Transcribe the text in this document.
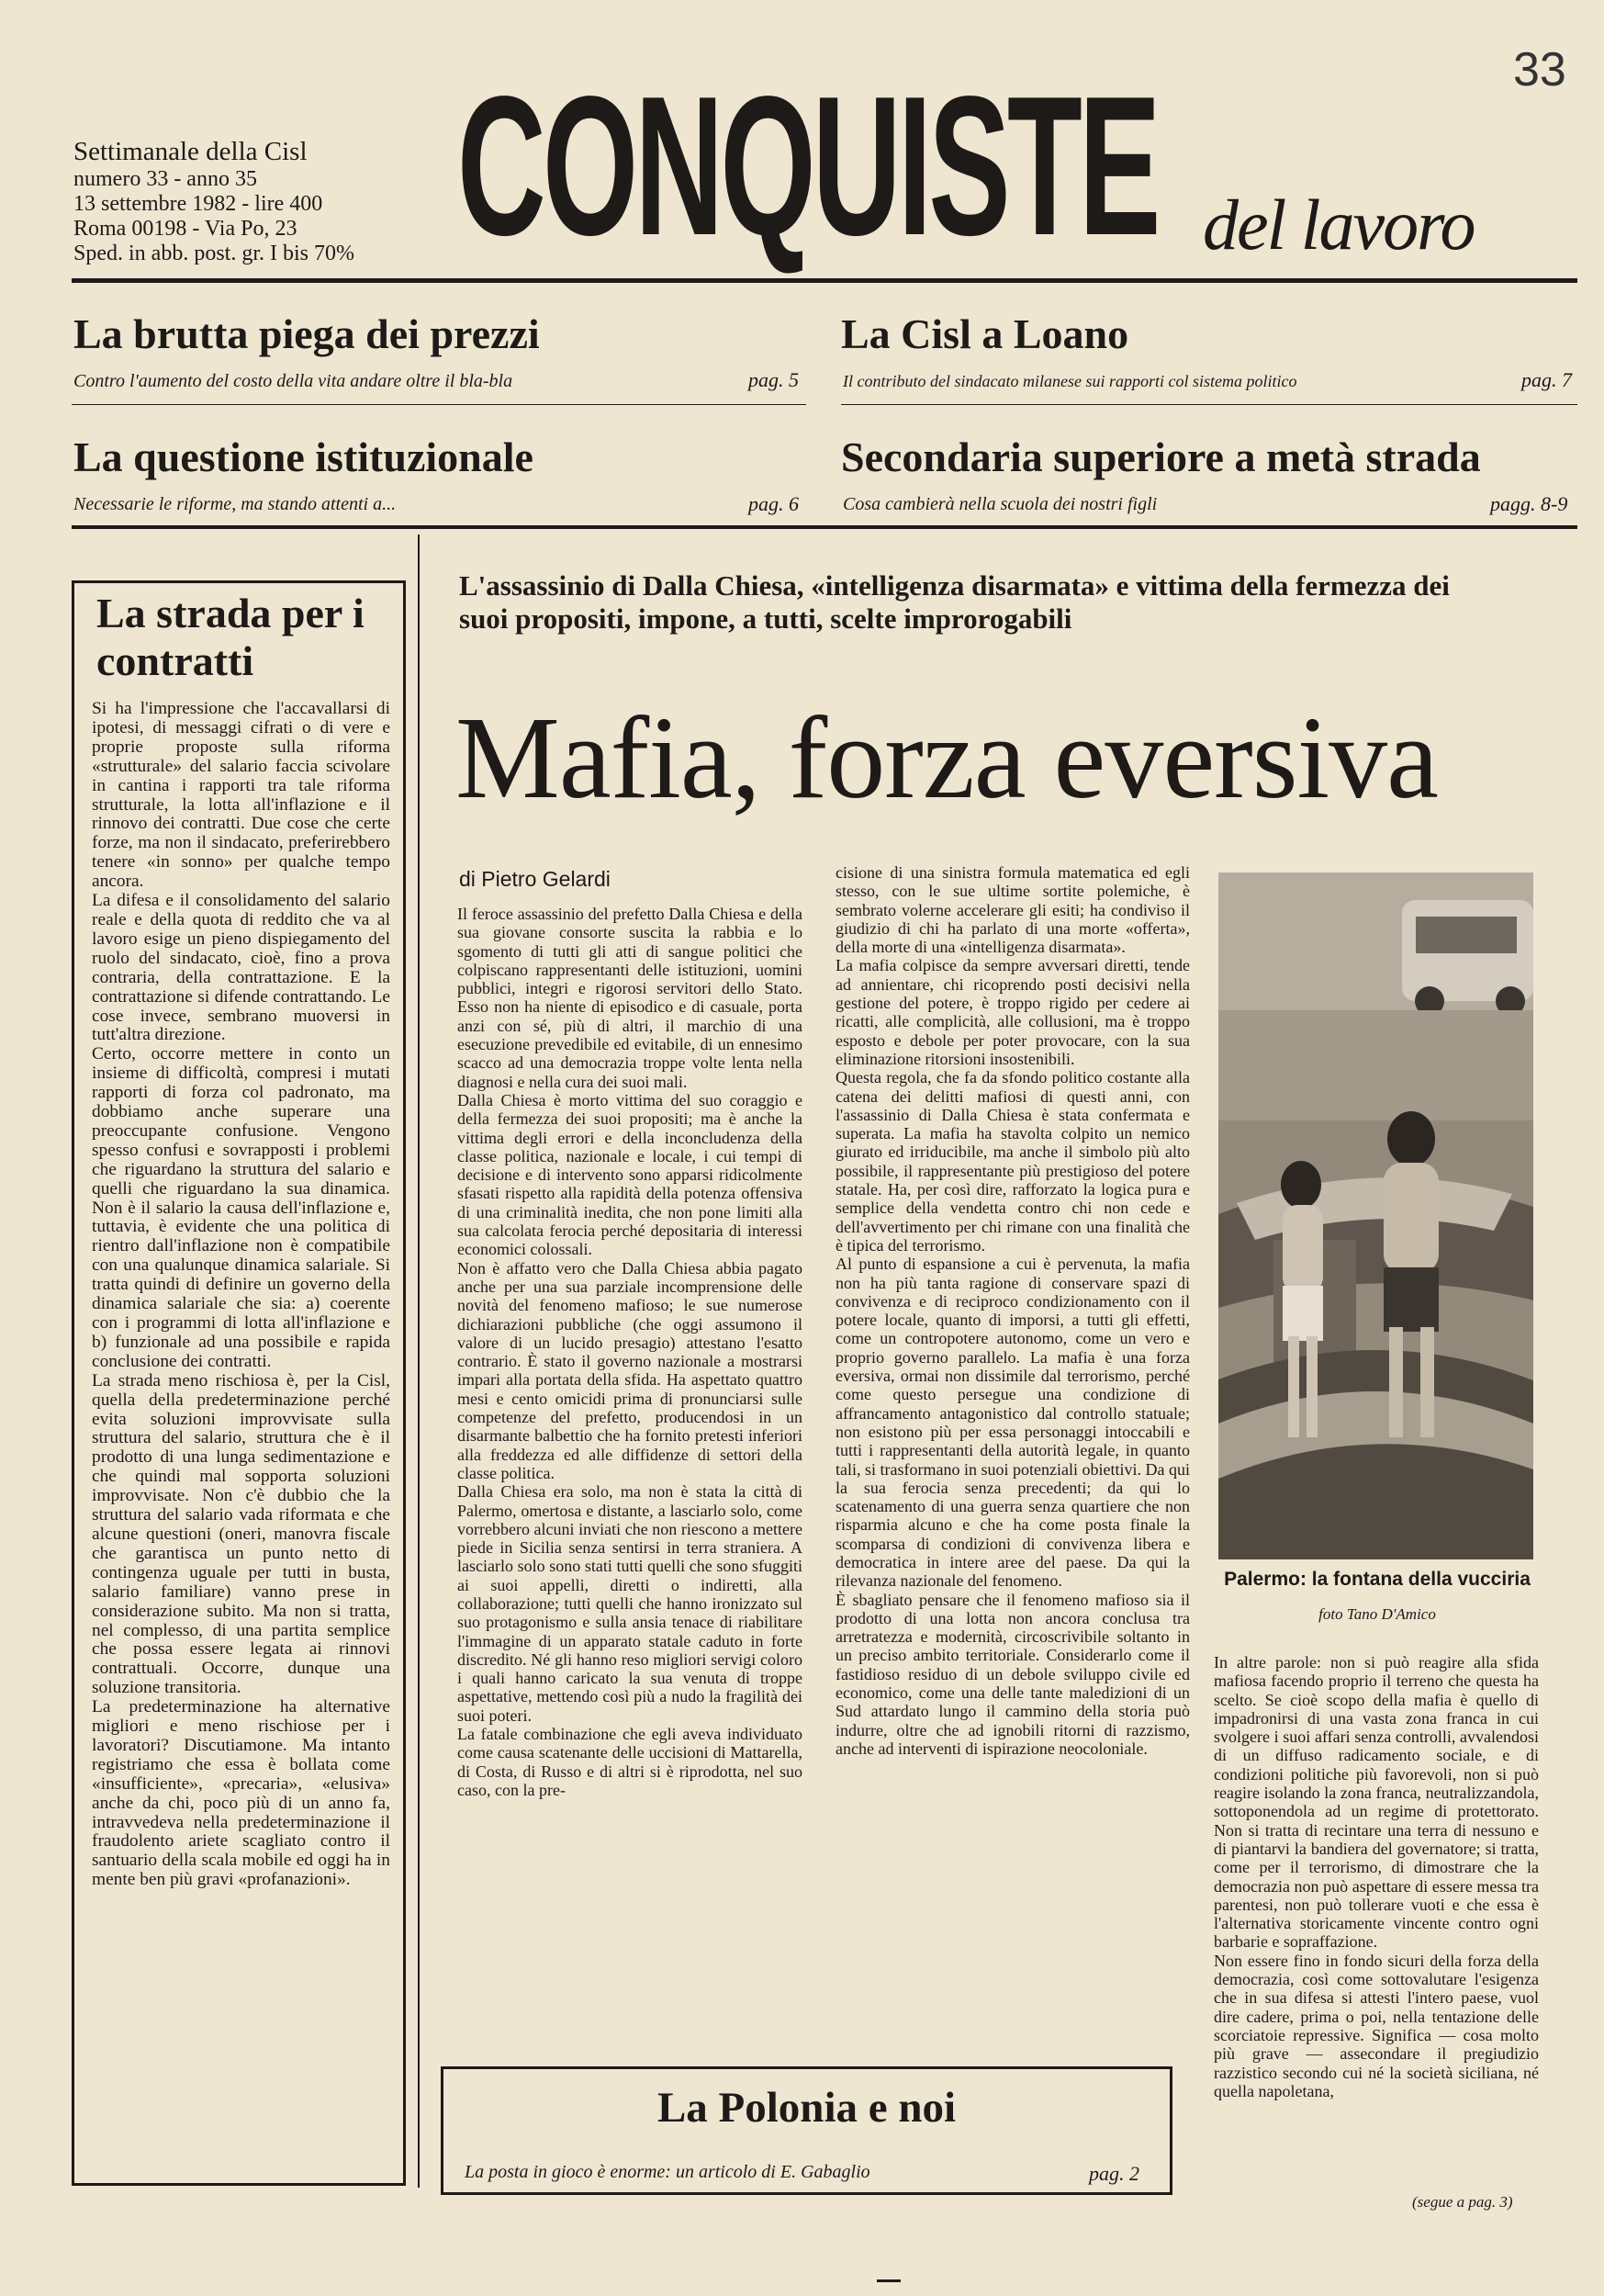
Settimanale della Cisl
numero 33 - anno 35
13 settembre 1982 - lire 400
Roma 00198 - Via Po, 23
Sped. in abb. post. gr. I bis 70% CONQUISTE del lavoro
33
La brutta piega dei prezzi
Contro l'aumento del costo della vita andare oltre il bla-bla	pag. 5
La Cisl a Loano
Il contributo del sindacato milanese sui rapporti col sistema politico	pag. 7
La questione istituzionale
Necessarie le riforme, ma stando attenti a...	pag. 6
Secondaria superiore a metà strada
Cosa cambierà nella scuola dei nostri figli	pagg. 8-9
La strada per i contratti

Si ha l'impressione che l'accavallarsi di ipotesi, di messaggi cifrati o di vere e proprie proposte sulla riforma «strutturale» del salario faccia scivolare in cantina i rapporti tra tale riforma strutturale, la lotta all'inflazione e il rinnovo dei contratti. Due cose che certe forze, ma non il sindacato, preferirebbero tenere «in sonno» per qualche tempo ancora.

La difesa e il consolidamento del salario reale e della quota di reddito che va al lavoro esige un pieno dispiegamento del ruolo del sindacato, cioè, fino a prova contraria, della contrattazione. E la contrattazione si difende contrattando. Le cose invece, sembrano muoversi in tutt'altra direzione.

Certo, occorre mettere in conto un insieme di difficoltà, compresi i mutati rapporti di forza col padronato, ma dobbiamo anche superare una preoccupante confusione. Vengono spesso confusi e sovrapposti i problemi che riguardano la struttura del salario e quelli che riguardano la sua dinamica. Non è il salario la causa dell'inflazione e, tuttavia, è evidente che una politica di rientro dall'inflazione non è compatibile con una qualunque dinamica salariale. Si tratta quindi di definire un governo della dinamica salariale che sia: a) coerente con i programmi di lotta all'inflazione e b) funzionale ad una possibile e rapida conclusione dei contratti.

La strada meno rischiosa è, per la Cisl, quella della predeterminazione perché evita soluzioni improvvisate sulla struttura del salario, struttura che è il prodotto di una lunga sedimentazione e che quindi mal sopporta soluzioni improvvisate. Non c'è dubbio che la struttura del salario vada riformata e che alcune questioni (oneri, manovra fiscale che garantisca un punto netto di contingenza uguale per tutti in busta, salario familiare) vanno prese in considerazione subito. Ma non si tratta, nel complesso, di una partita semplice che possa essere legata ai rinnovi contrattuali. Occorre, dunque una soluzione transitoria.

La predeterminazione ha alternative migliori e meno rischiose per i lavoratori? Discutiamone. Ma intanto registriamo che essa è bollata come «insufficiente», «precaria», «elusiva» anche da chi, poco più di un anno fa, intravvedeva nella predeterminazione il fraudolento ariete scagliato contro il santuario della scala mobile ed oggi ha in mente ben più gravi «profanazioni».

L'assassinio di Dalla Chiesa, «intelligenza disarmata» e vittima della fermezza dei suoi propositi, impone, a tutti, scelte improrogabili
Mafia, forza eversiva
di Pietro Gelardi

Il feroce assassinio del prefetto Dalla Chiesa e della sua giovane consorte suscita la rabbia e lo sgomento di tutti gli atti di sangue politici che colpiscano rappresentanti delle istituzioni, uomini pubblici, integri e rigorosi servitori dello Stato. Esso non ha niente di episodico e di casuale, porta anzi con sé, più di altri, il marchio di una esecuzione prevedibile ed evitabile, di un ennesimo scacco ad una democrazia troppe volte lenta nella diagnosi e nella cura dei suoi mali.

Dalla Chiesa è morto vittima del suo coraggio e della fermezza dei suoi propositi; ma è anche la vittima degli errori e della inconcludenza della classe politica, nazionale e locale, i cui tempi di decisione e di intervento sono apparsi ridicolmente sfasati rispetto alla rapidità della potenza offensiva di una criminalità inedita, che non pone limiti alla sua calcolata ferocia perché depositaria di interessi economici colossali.

Non è affatto vero che Dalla Chiesa abbia pagato anche per una sua parziale incomprensione delle novità del fenomeno mafioso; le sue numerose dichiarazioni pubbliche (che oggi assumono il valore di un lucido presagio) attestano l'esatto contrario. È stato il governo nazionale a mostrarsi impari alla portata della sfida. Ha aspettato quattro mesi e cento omicidi prima di pronunciarsi sulle competenze del prefetto, producendosi in un disarmante balbettio che ha fornito pretesti inferiori alla freddezza ed alle diffidenze di settori della classe politica.

Dalla Chiesa era solo, ma non è stata la città di Palermo, omertosa e distante, a lasciarlo solo, come vorrebbero alcuni inviati che non riescono a mettere piede in Sicilia senza sentirsi in terra straniera. A lasciarlo solo sono stati tutti quelli che sono sfuggiti ai suoi appelli, diretti o indiretti, alla collaborazione; tutti quelli che hanno ironizzato sul suo protagonismo e sulla ansia tenace di riabilitare l'immagine di un apparato statale caduto in forte discredito. Né gli hanno reso migliori servigi coloro i quali hanno caricato la sua venuta di troppe aspettative, mettendo così più a nudo la fragilità dei suoi poteri.

La fatale combinazione che egli aveva individuato come causa scatenante delle uccisioni di Mattarella, di Costa, di Russo e di altri si è riprodotta, nel suo caso, con la pre-

cisione di una sinistra formula matematica ed egli stesso, con le sue ultime sortite polemiche, è sembrato volerne accelerare gli esiti; ha condiviso il giudizio di chi ha parlato di una morte «offerta», della morte di una «intelligenza disarmata».

La mafia colpisce da sempre avversari diretti, tende ad annientare, chi ricoprendo posti decisivi nella gestione del potere, è troppo rigido per cedere ai ricatti, alle complicità, alle collusioni, ma è troppo esposto e debole per poter provocare, con la sua eliminazione ritorsioni insostenibili.

Questa regola, che fa da sfondo politico costante alla catena dei delitti mafiosi di questi anni, con l'assassinio di Dalla Chiesa è stata confermata e superata. La mafia ha stavolta colpito un nemico giurato ed irriducibile, ma anche il simbolo più alto possibile, il rappresentante più prestigioso del potere statale. Ha, per così dire, rafforzato la logica pura e semplice della vendetta contro chi non cede e dell'avvertimento per chi rimane con una finalità che è tipica del terrorismo.

Al punto di espansione a cui è pervenuta, la mafia non ha più tanta ragione di conservare spazi di convivenza e di reciproco condizionamento con il potere locale, quanto di imporsi, a tutti gli effetti, come un contropotere autonomo, come un vero e proprio governo parallelo. La mafia è una forza eversiva, ormai non dissimile dal terrorismo, perché come questo persegue una condizione di affrancamento antagonistico dal controllo statuale; non esistono più per essa personaggi intoccabili e tutti i rappresentanti della autorità legale, in quanto tali, si trasformano in suoi potenziali obiettivi. Da qui la sua ferocia senza precedenti; da qui lo scatenamento di una guerra senza quartiere che non risparmia alcuno e che ha come posta finale la scomparsa di condizioni di convivenza libera e democratica in intere aree del paese. Da qui la rilevanza nazionale del fenomeno.

È sbagliato pensare che il fenomeno mafioso sia il prodotto di una lotta non ancora conclusa tra arretratezza e modernità, circoscrivibile soltanto in un preciso ambito territoriale. Considerarlo come il fastidioso residuo di un debole sviluppo civile ed economico, come una delle tante maledizioni di un Sud attardato lungo il cammino della storia può indurre, oltre che ad ignobili ritorni di razzismo, anche ad interventi di ispirazione neocoloniale.

Palermo: la fontana della vucciria
foto Tano D'Amico

In altre parole: non si può reagire alla sfida mafiosa facendo proprio il terreno che questa ha scelto. Se cioè scopo della mafia è quello di impadronirsi di una vasta zona franca in cui svolgere i suoi affari senza controlli, avvalendosi di un diffuso radicamento sociale, e di condizioni politiche più favorevoli, non si può reagire isolando la zona franca, neutralizzandola, sottoponendola ad un regime di protettorato. Non si tratta di recintare una terra di nessuno e di piantarvi la bandiera del governatore; si tratta, come per il terrorismo, di dimostrare che la democrazia non può aspettare di essere messa tra parentesi, non può tollerare vuoti e che essa è l'alternativa storicamente vincente contro ogni barbarie e sopraffazione.

Non essere fino in fondo sicuri della forza della democrazia, così come sottovalutare l'esigenza che in sua difesa si attesti l'intero paese, vuol dire cadere, prima o poi, nella tentazione delle scorciatoie repressive. Significa — cosa molto più grave — assecondare il pregiudizio razzistico secondo cui né la società siciliana, né quella napoletana,

(segue a pag. 3)
La Polonia e noi
La posta in gioco è enorme: un articolo di E. Gabaglio	pag. 2
